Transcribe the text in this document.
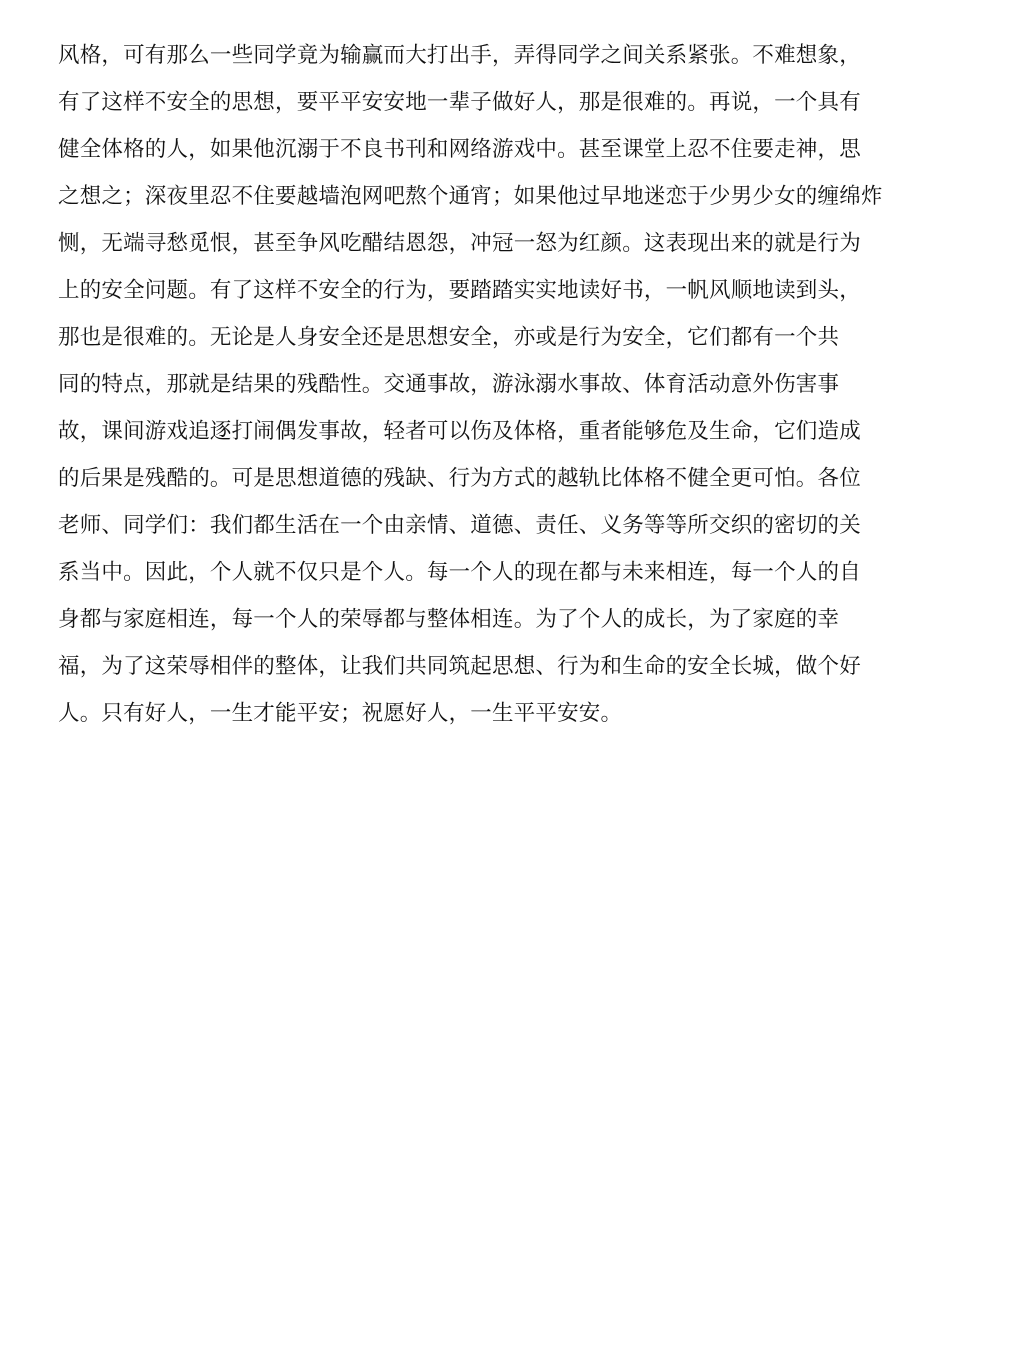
风格，可有那么一些同学竟为输赢而大打出手，弄得同学之间关系紧张。不难想象，
有了这样不安全的思想，要平平安安地一辈子做好人，那是很难的。再说，一个具有
健全体格的人，如果他沉溺于不良书刊和网络游戏中。甚至课堂上忍不住要走神，思
之想之；深夜里忍不住要越墙泡网吧熬个通宵；如果他过早地迷恋于少男少女的缠绵炸
恻，无端寻愁觅恨，甚至争风吃醋结恩怨，冲冠一怒为红颜。这表现出来的就是行为
上的安全问题。有了这样不安全的行为，要踏踏实实地读好书，一帆风顺地读到头，
那也是很难的。无论是人身安全还是思想安全，亦或是行为安全，它们都有一个共
同的特点，那就是结果的残酷性。交通事故，游泳溺水事故、体育活动意外伤害事
故，课间游戏追逐打闹偶发事故，轻者可以伤及体格，重者能够危及生命，它们造成
的后果是残酷的。可是思想道德的残缺、行为方式的越轨比体格不健全更可怕。各位
老师、同学们：我们都生活在一个由亲情、道德、责任、义务等等所交织的密切的关
系当中。因此，个人就不仅只是个人。每一个人的现在都与未来相连，每一个人的自
身都与家庭相连，每一个人的荣辱都与整体相连。为了个人的成长，为了家庭的幸
福，为了这荣辱相伴的整体，让我们共同筑起思想、行为和生命的安全长城，做个好
人。只有好人，一生才能平安；祝愿好人，一生平平安安。
